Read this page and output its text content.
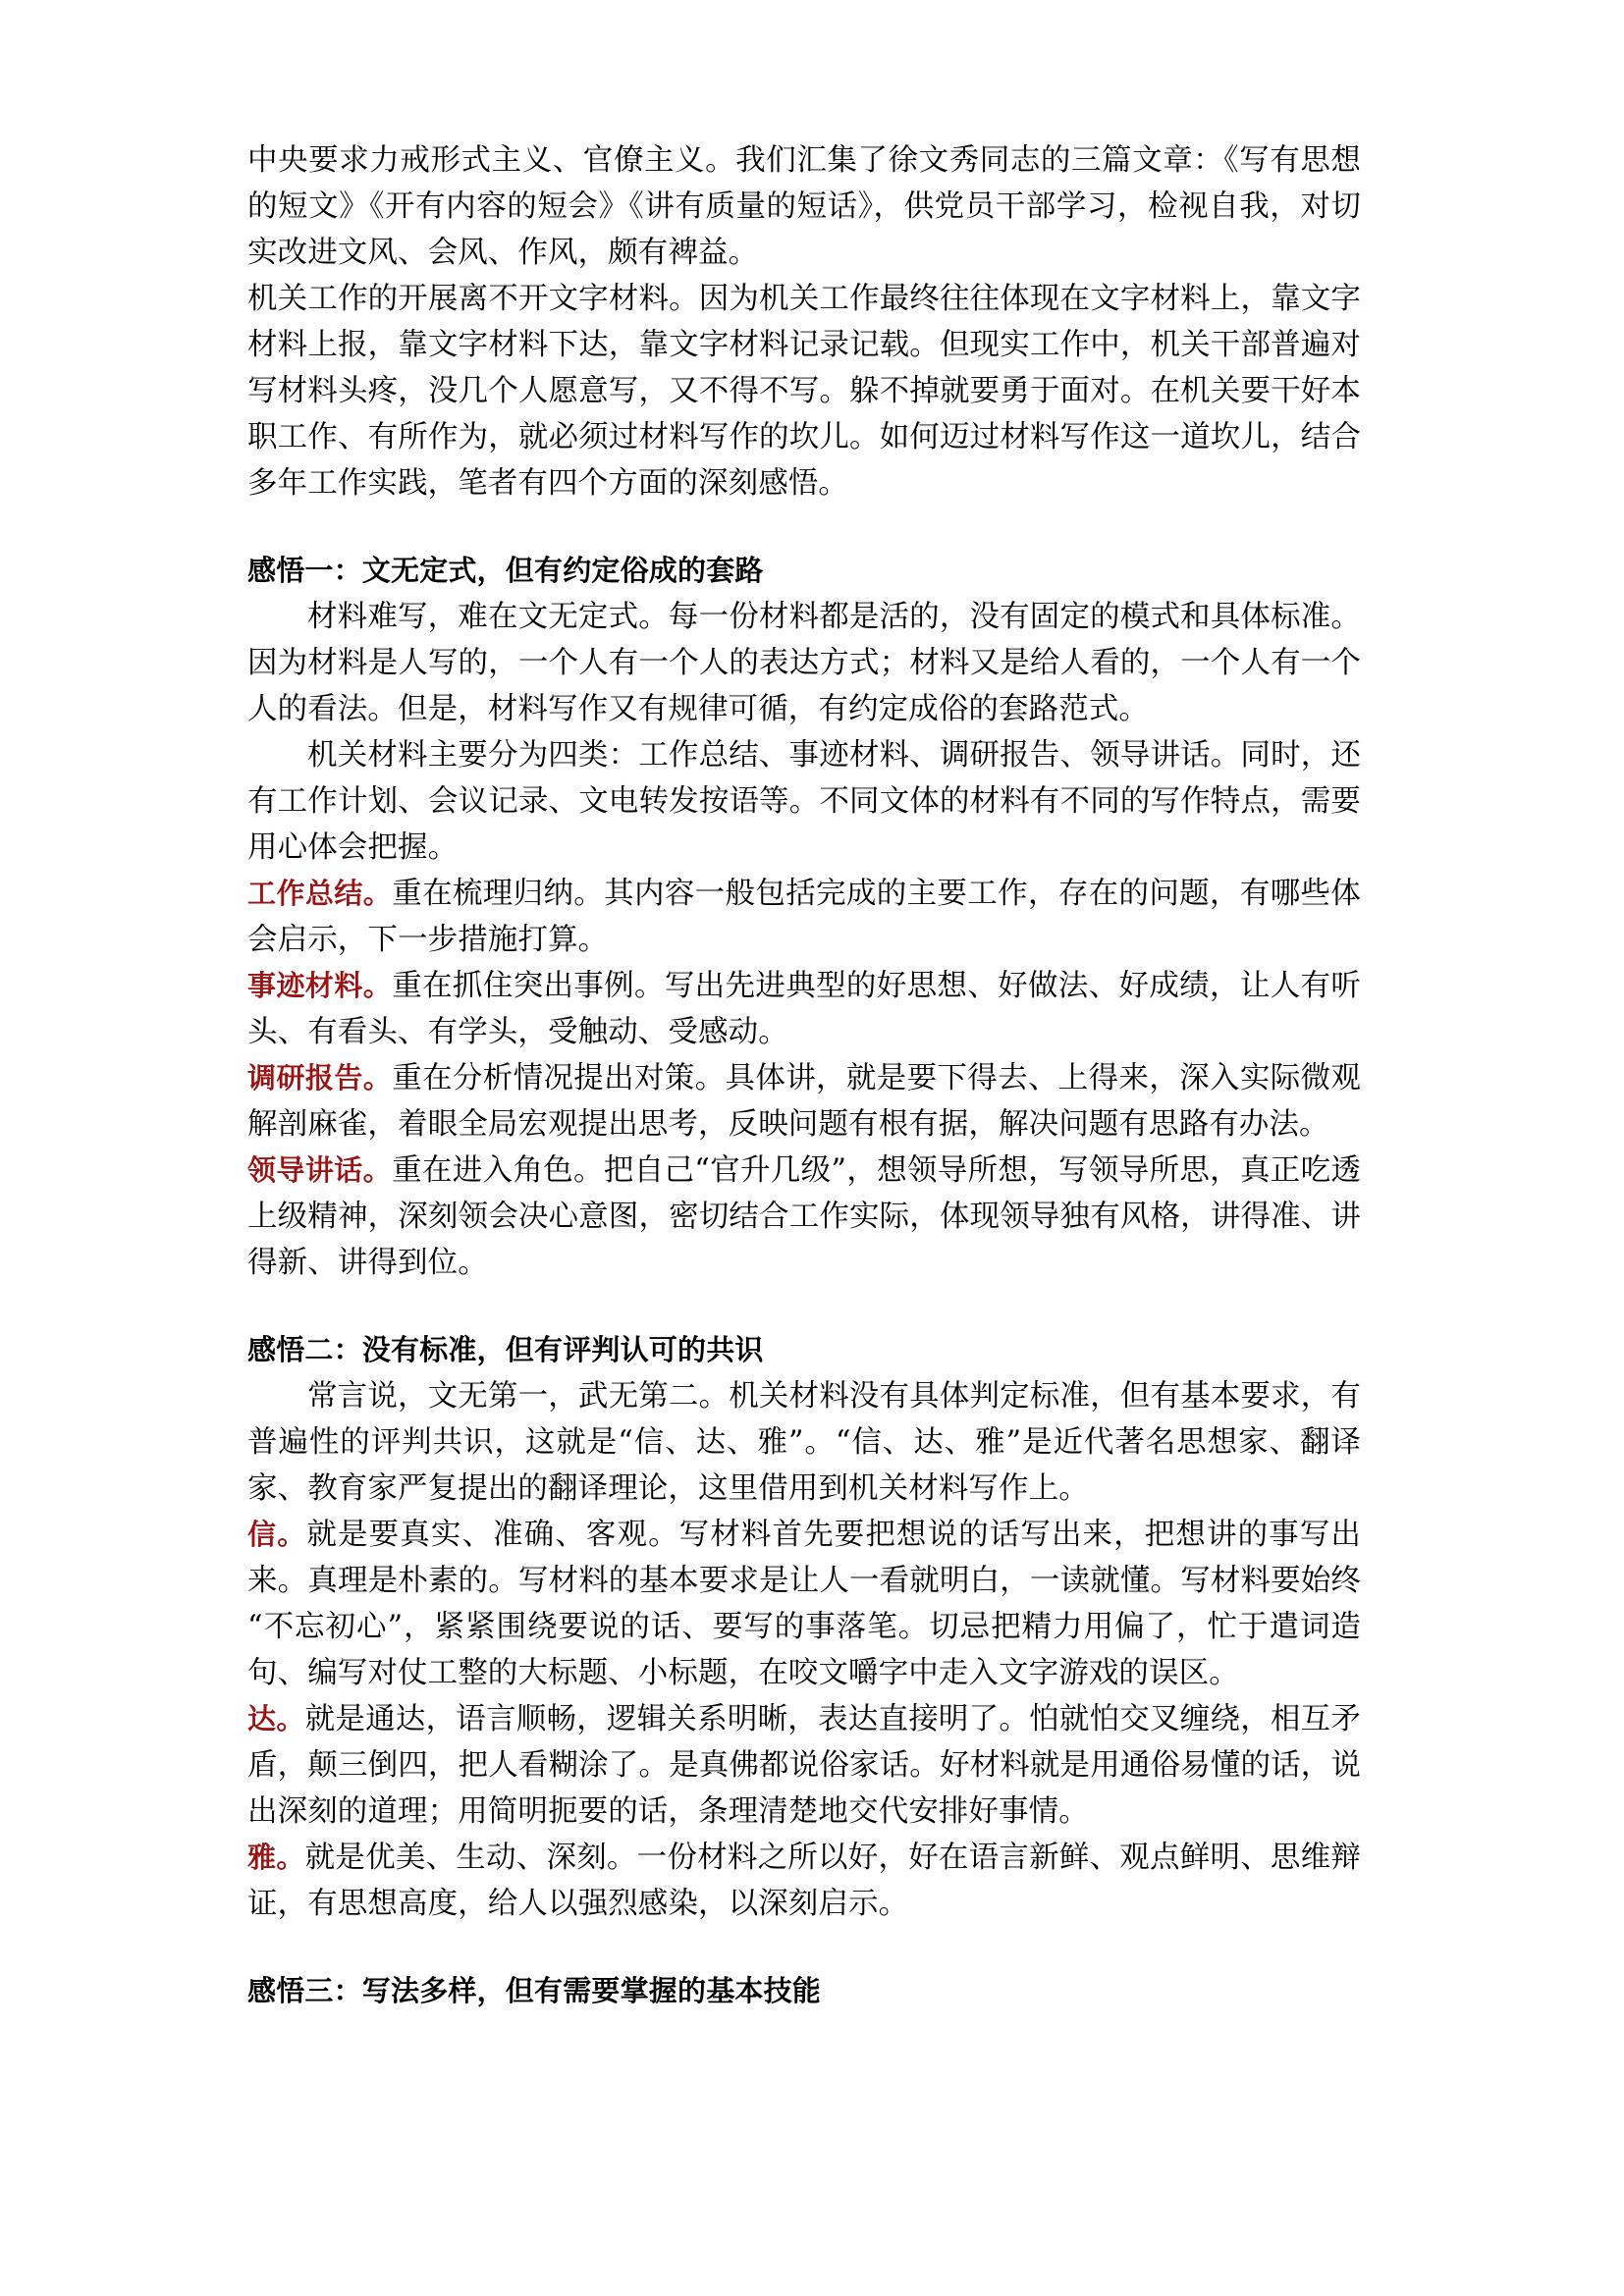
中央要求力戒形式主义、官僚主义。我们汇集了徐文秀同志的三篇文章：《写有思想的短文》《开有内容的短会》《讲有质量的短话》，供党员干部学习，检视自我，对切实改进文风、会风、作风，颇有裨益。

机关工作的开展离不开文字材料。因为机关工作最终往往体现在文字材料上，靠文字材料上报，靠文字材料下达，靠文字材料记录记载。但现实工作中，机关干部普遍对写材料头疼，没几个人愿意写，又不得不写。躲不掉就要勇于面对。在机关要干好本职工作、有所作为，就必须过材料写作的坎儿。如何迈过材料写作这一道坎儿，结合多年工作实践，笔者有四个方面的深刻感悟。

感悟一：文无定式，但有约定俗成的套路

材料难写，难在文无定式。每一份材料都是活的，没有固定的模式和具体标准。因为材料是人写的，一个人有一个人的表达方式；材料又是给人看的，一个人有一个人的看法。但是，材料写作又有规律可循，有约定成俗的套路范式。

机关材料主要分为四类：工作总结、事迹材料、调研报告、领导讲话。同时，还有工作计划、会议记录、文电转发按语等。不同文体的材料有不同的写作特点，需要用心体会把握。

工作总结。重在梳理归纳。其内容一般包括完成的主要工作，存在的问题，有哪些体会启示，下一步措施打算。

事迹材料。重在抓住突出事例。写出先进典型的好思想、好做法、好成绩，让人有听头、有看头、有学头，受触动、受感动。

调研报告。重在分析情况提出对策。具体讲，就是要下得去、上得来，深入实际微观解剖麻雀，着眼全局宏观提出思考，反映问题有根有据，解决问题有思路有办法。

领导讲话。重在进入角色。把自己“官升几级”，想领导所想，写领导所思，真正吃透上级精神，深刻领会决心意图，密切结合工作实际，体现领导独有风格，讲得准、讲得新、讲得到位。

感悟二：没有标准，但有评判认可的共识

常言说，文无第一，武无第二。机关材料没有具体判定标准，但有基本要求，有普遍性的评判共识，这就是“信、达、雅”。“信、达、雅”是近代著名思想家、翻译家、教育家严复提出的翻译理论，这里借用到机关材料写作上。

信。就是要真实、准确、客观。写材料首先要把想说的话写出来，把想讲的事写出来。真理是朴素的。写材料的基本要求是让人一看就明白，一读就懂。写材料要始终“不忘初心”，紧紧围绕要说的话、要写的事落笔。切忌把精力用偏了，忙于遣词造句、编写对仗工整的大标题、小标题，在咬文嚼字中走入文字游戏的误区。

达。就是通达，语言顺畅，逻辑关系明晰，表达直接明了。怕就怕交叉缠绕，相互矛盾，颠三倒四，把人看糊涂了。是真佛都说俗家话。好材料就是用通俗易懂的话，说出深刻的道理；用简明扼要的话，条理清楚地交代安排好事情。

雅。就是优美、生动、深刻。一份材料之所以好，好在语言新鲜、观点鲜明、思维辩证，有思想高度，给人以强烈感染，以深刻启示。

感悟三：写法多样，但有需要掌握的基本技能
